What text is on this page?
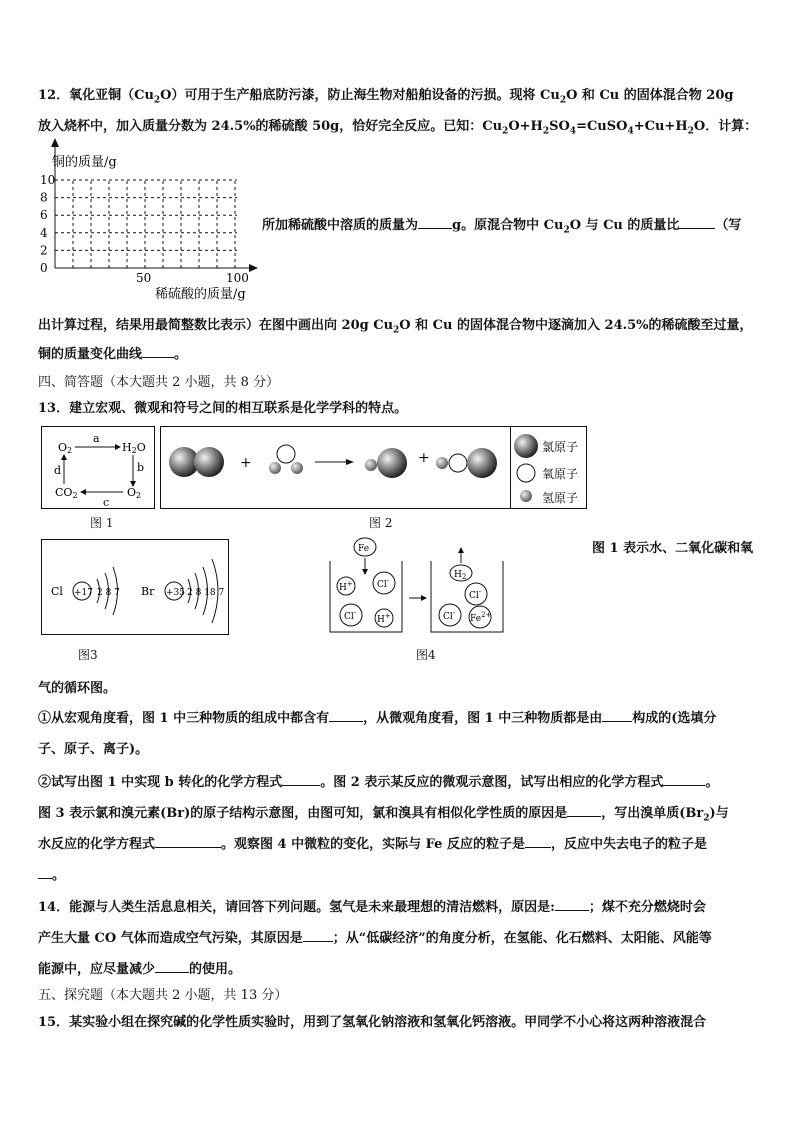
12．氧化亚铜$(Cu_2O)$可用于生产船底防污漆，防止海生物对船舶设备的污损。现将 $Cu_2O$ 和 Cu 的固体混合物 20g
放入烧杯中，加入质量分数为 24.5%的稀硫酸 50g，恰好完全反应。已知：$Cu_2O+H_2SO_4=CuSO_4+Cu+H_2O$．计算：
铜的质量/g
0
2
4
6
8
10
50	100
稀硫酸的质量/g
所加稀硫酸中溶质的质量为	g。原混合物中 $Cu_2O$ 与 Cu 的质量比	（写
出计算过程，结果用最简整数比表示）在图中画出向 20g $Cu_2O$ 和 Cu 的固体混合物中逐滴加入 24.5%的稀硫酸至过量，
铜的质量变化曲线 。
四、简答题（本大题共 2 小题，共 8 分）
13．建立宏观、微观和符号之间的相互联系是化学学科的特点。
O2
a
H2O
b
O2
c
CO2
d
图 1
+	+
氯原子
氧原子
氢原子
图 2
Cl +17 2 8 7 Br +35 2 8 18 7
图3
Fe
H+	Cl-
Cl-
H+
$H_2$
Cl-
Cl-
$Fe^{2+}$
图4
图 1 表示水、二氧化碳和氧
气的循环图。
①从宏观角度看，图 1 中三种物质的组成中都含有	，从微观角度看，图 1 中三种物质都是由 构成的(选填分
子、原子、离子)。
②试写出图 1 中实现 b 转化的化学方程式	。图 2 表示某反应的微观示意图，试写出相应的化学方程式	。
图 3 表示氯和溴元素(Br)的原子结构示意图，由图可知，氯和溴具有相似化学性质的原因是	，写出溴单质$(Br_2)$与
水反应的化学方程式	。观察图 4 中微粒的变化，实际与 Fe 反应的粒子是 ，反应中失去电子的粒子是
。
14．能源与人类生活息息相关，请回答下列问题。氢气是未来最理想的清洁燃料，原因是:	；煤不充分燃烧时会
产生大量 CO 气体而造成空气污染，其原因是 ；从“低碳经济”的角度分析，在氢能、化石燃料、太阳能、风能等
能源中，应尽量减少	的使用。
五、探究题（本大题共 2 小题，共 13 分）
15．某实验小组在探究碱的化学性质实验时，用到了氢氧化钠溶液和氢氧化钙溶液。甲同学不小心将这两种溶液混合
